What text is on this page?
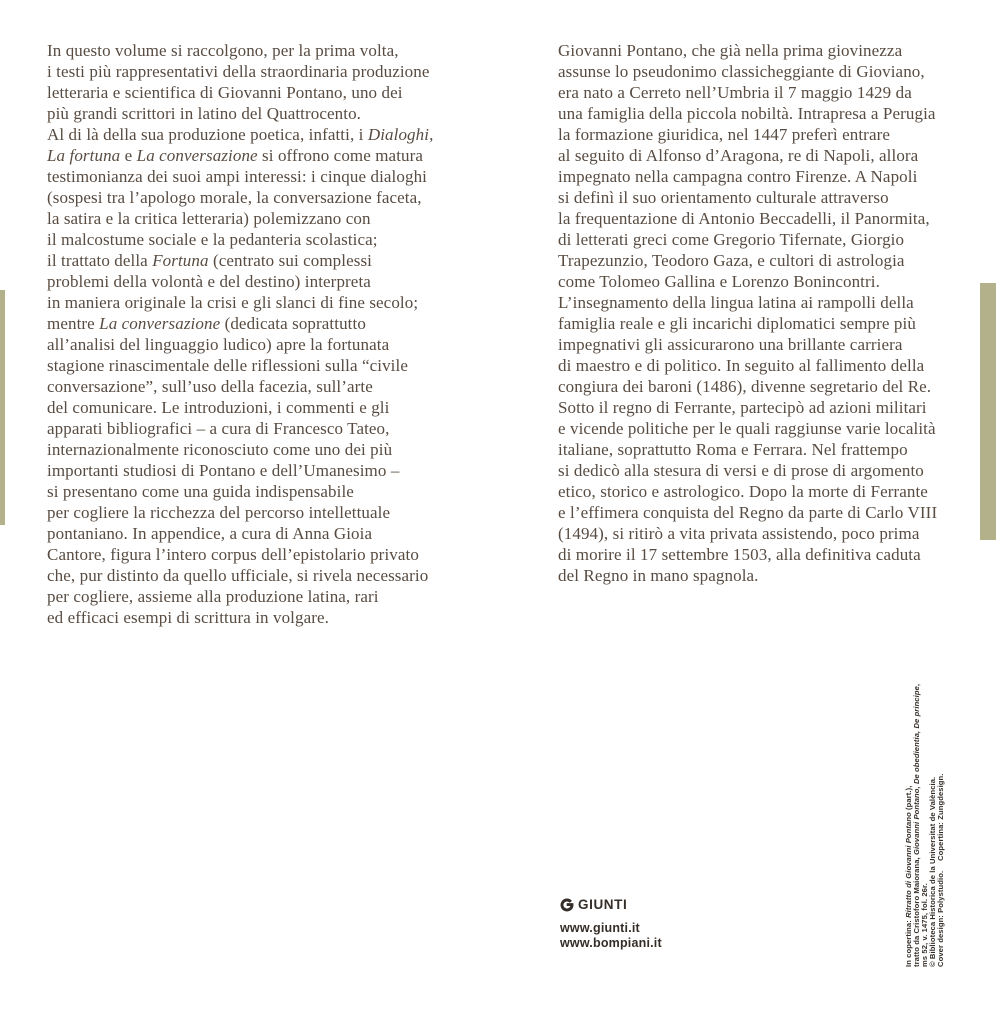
In questo volume si raccolgono, per la prima volta,
i testi più rappresentativi della straordinaria produzione
letteraria e scientifica di Giovanni Pontano, uno dei
più grandi scrittori in latino del Quattrocento.
Al di là della sua produzione poetica, infatti, i Dialoghi,
La fortuna e La conversazione si offrono come matura
testimonianza dei suoi ampi interessi: i cinque dialoghi
(sospesi tra l’apologo morale, la conversazione faceta,
la satira e la critica letteraria) polemizzano con
il malcostume sociale e la pedanteria scolastica;
il trattato della Fortuna (centrato sui complessi
problemi della volontà e del destino) interpreta
in maniera originale la crisi e gli slanci di fine secolo;
mentre La conversazione (dedicata soprattutto
all’analisi del linguaggio ludico) apre la fortunata
stagione rinascimentale delle riflessioni sulla “civile
conversazione”, sull’uso della facezia, sull’arte
del comunicare. Le introduzioni, i commenti e gli
apparati bibliografici – a cura di Francesco Tateo,
internazionalmente riconosciuto come uno dei più
importanti studiosi di Pontano e dell’Umanesimo –
si presentano come una guida indispensabile
per cogliere la ricchezza del percorso intellettuale
pontaniano. In appendice, a cura di Anna Gioia
Cantore, figura l’intero corpus dell’epistolario privato
che, pur distinto da quello ufficiale, si rivela necessario
per cogliere, assieme alla produzione latina, rari
ed efficaci esempi di scrittura in volgare.
Giovanni Pontano, che già nella prima giovinezza
assunse lo pseudonimo classicheggiante di Gioviano,
era nato a Cerreto nell’Umbria il 7 maggio 1429 da
una famiglia della piccola nobiltà. Intrapresa a Perugia
la formazione giuridica, nel 1447 preferì entrare
al seguito di Alfonso d’Aragona, re di Napoli, allora
impegnato nella campagna contro Firenze. A Napoli
si definì il suo orientamento culturale attraverso
la frequentazione di Antonio Beccadelli, il Panormita,
di letterati greci come Gregorio Tifernate, Giorgio
Trapezunzio, Teodoro Gaza, e cultori di astrologia
come Tolomeo Gallina e Lorenzo Bonincontri.
L’insegnamento della lingua latina ai rampolli della
famiglia reale e gli incarichi diplomatici sempre più
impegnativi gli assicurarono una brillante carriera
di maestro e di politico. In seguito al fallimento della
congiura dei baroni (1486), divenne segretario del Re.
Sotto il regno di Ferrante, partecipò ad azioni militari
e vicende politiche per le quali raggiunse varie località
italiane, soprattutto Roma e Ferrara. Nel frattempo
si dedicò alla stesura di versi e di prose di argomento
etico, storico e astrologico. Dopo la morte di Ferrante
e l’effimera conquista del Regno da parte di Carlo VIII
(1494), si ritirò a vita privata assistendo, poco prima
di morire il 17 settembre 1503, alla definitiva caduta
del Regno in mano spagnola.
GIUNTI
www.giunti.it
www.bompiani.it	In copertina: Ritratto di Giovanni Pontano (part.),
tratto da Cristoforo Maiorana, Giovanni Pontano, De obedientia, De principe,
ms 52, v. 1475, fol. 26r. © Biblioteca Historica de la Universitat de València. Cover design: Polystudio.  Copertina: Zungdesign.
